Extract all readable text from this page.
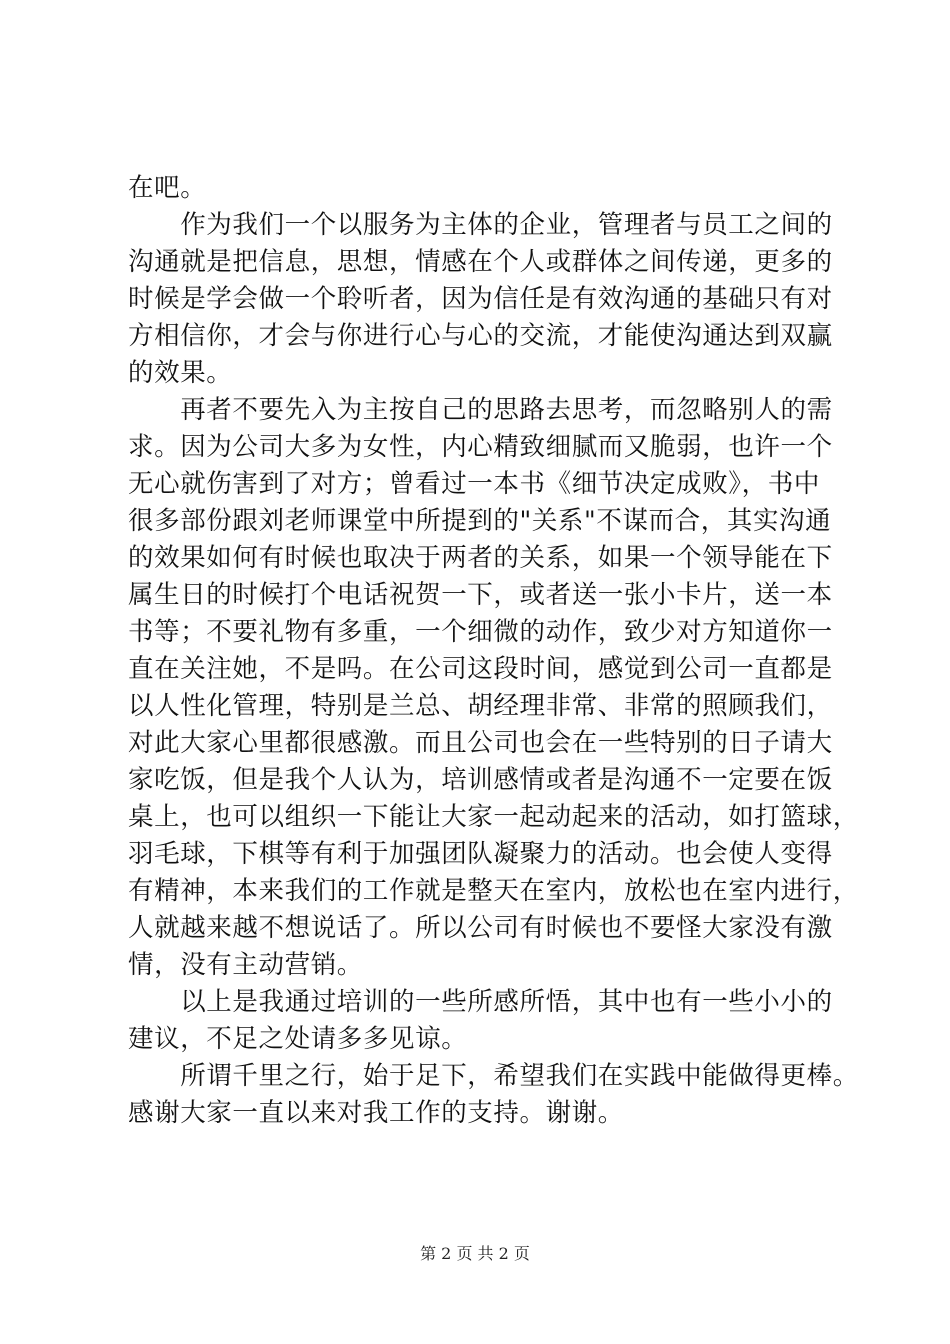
在吧。
　　作为我们一个以服务为主体的企业，管理者与员工之间的
沟通就是把信息，思想，情感在个人或群体之间传递，更多的
时候是学会做一个聆听者，因为信任是有效沟通的基础只有对
方相信你，才会与你进行心与心的交流，才能使沟通达到双赢
的效果。
　　再者不要先入为主按自己的思路去思考，而忽略别人的需
求。因为公司大多为女性，内心精致细腻而又脆弱，也许一个
无心就伤害到了对方；曾看过一本书《细节决定成败》，书中
很多部份跟刘老师课堂中所提到的"关系"不谋而合，其实沟通
的效果如何有时候也取决于两者的关系，如果一个领导能在下
属生日的时候打个电话祝贺一下，或者送一张小卡片，送一本
书等；不要礼物有多重，一个细微的动作，致少对方知道你一
直在关注她，不是吗。在公司这段时间，感觉到公司一直都是
以人性化管理，特别是兰总、胡经理非常、非常的照顾我们，
对此大家心里都很感激。而且公司也会在一些特别的日子请大
家吃饭，但是我个人认为，培训感情或者是沟通不一定要在饭
桌上，也可以组织一下能让大家一起动起来的活动，如打篮球，
羽毛球，下棋等有利于加强团队凝聚力的活动。也会使人变得
有精神，本来我们的工作就是整天在室内，放松也在室内进行，
人就越来越不想说话了。所以公司有时候也不要怪大家没有激
情，没有主动营销。
　　以上是我通过培训的一些所感所悟，其中也有一些小小的
建议，不足之处请多多见谅。
　　所谓千里之行，始于足下，希望我们在实践中能做得更棒。
感谢大家一直以来对我工作的支持。谢谢。
第 2 页 共 2 页
